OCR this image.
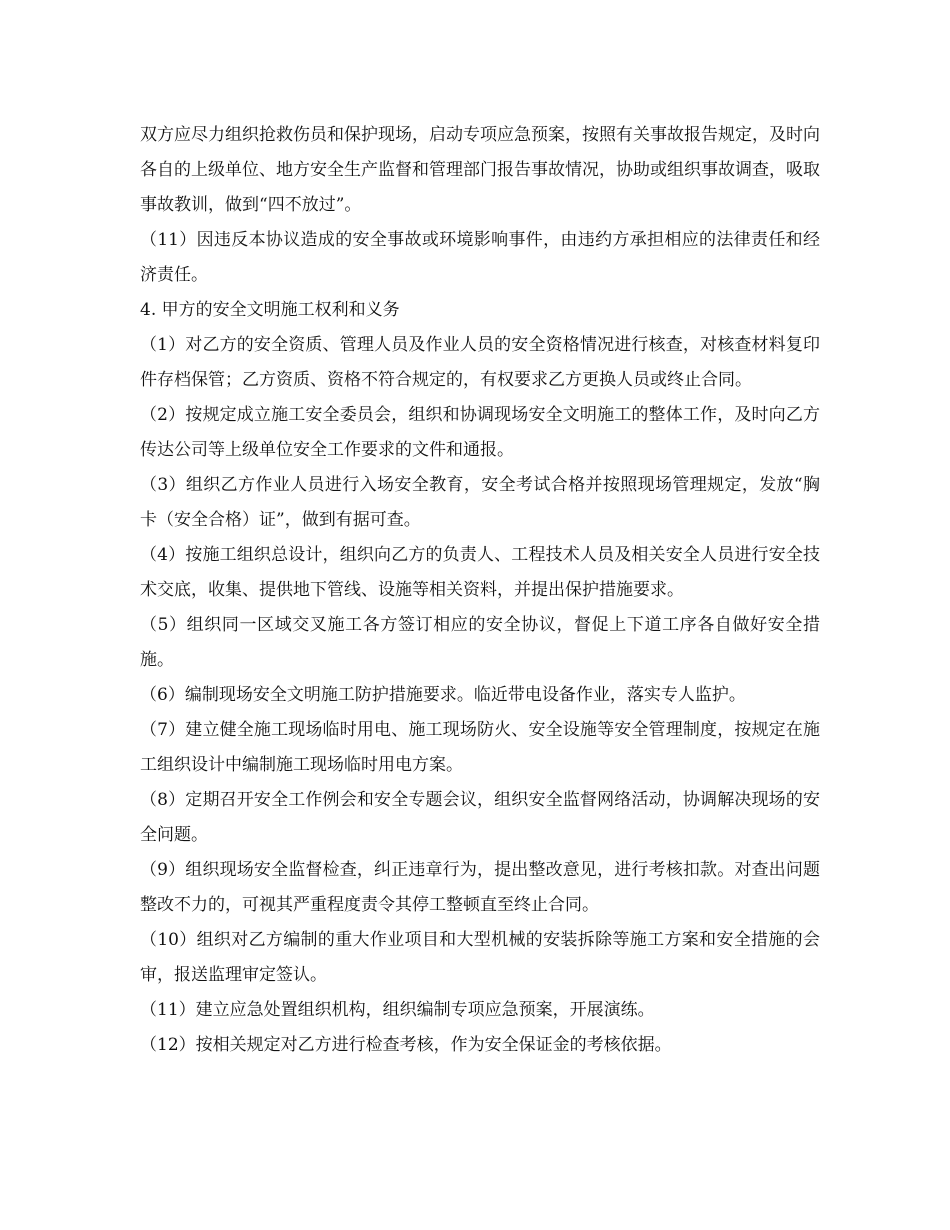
双方应尽力组织抢救伤员和保护现场，启动专项应急预案，按照有关事故报告规定，及时向各自的上级单位、地方安全生产监督和管理部门报告事故情况，协助或组织事故调查，吸取事故教训，做到“四不放过”。

（11）因违反本协议造成的安全事故或环境影响事件，由违约方承担相应的法律责任和经济责任。

4. 甲方的安全文明施工权利和义务

（1）对乙方的安全资质、管理人员及作业人员的安全资格情况进行核查，对核查材料复印件存档保管；乙方资质、资格不符合规定的，有权要求乙方更换人员或终止合同。

（2）按规定成立施工安全委员会，组织和协调现场安全文明施工的整体工作，及时向乙方传达公司等上级单位安全工作要求的文件和通报。

（3）组织乙方作业人员进行入场安全教育，安全考试合格并按照现场管理规定，发放“胸卡（安全合格）证”，做到有据可查。

（4）按施工组织总设计，组织向乙方的负责人、工程技术人员及相关安全人员进行安全技术交底，收集、提供地下管线、设施等相关资料，并提出保护措施要求。

（5）组织同一区域交叉施工各方签订相应的安全协议，督促上下道工序各自做好安全措施。

（6）编制现场安全文明施工防护措施要求。临近带电设备作业，落实专人监护。

（7）建立健全施工现场临时用电、施工现场防火、安全设施等安全管理制度，按规定在施工组织设计中编制施工现场临时用电方案。

（8）定期召开安全工作例会和安全专题会议，组织安全监督网络活动，协调解决现场的安全问题。

（9）组织现场安全监督检查，纠正违章行为，提出整改意见，进行考核扣款。对查出问题整改不力的，可视其严重程度责令其停工整顿直至终止合同。

（10）组织对乙方编制的重大作业项目和大型机械的安装拆除等施工方案和安全措施的会审，报送监理审定签认。

（11）建立应急处置组织机构，组织编制专项应急预案，开展演练。

（12）按相关规定对乙方进行检查考核，作为安全保证金的考核依据。
